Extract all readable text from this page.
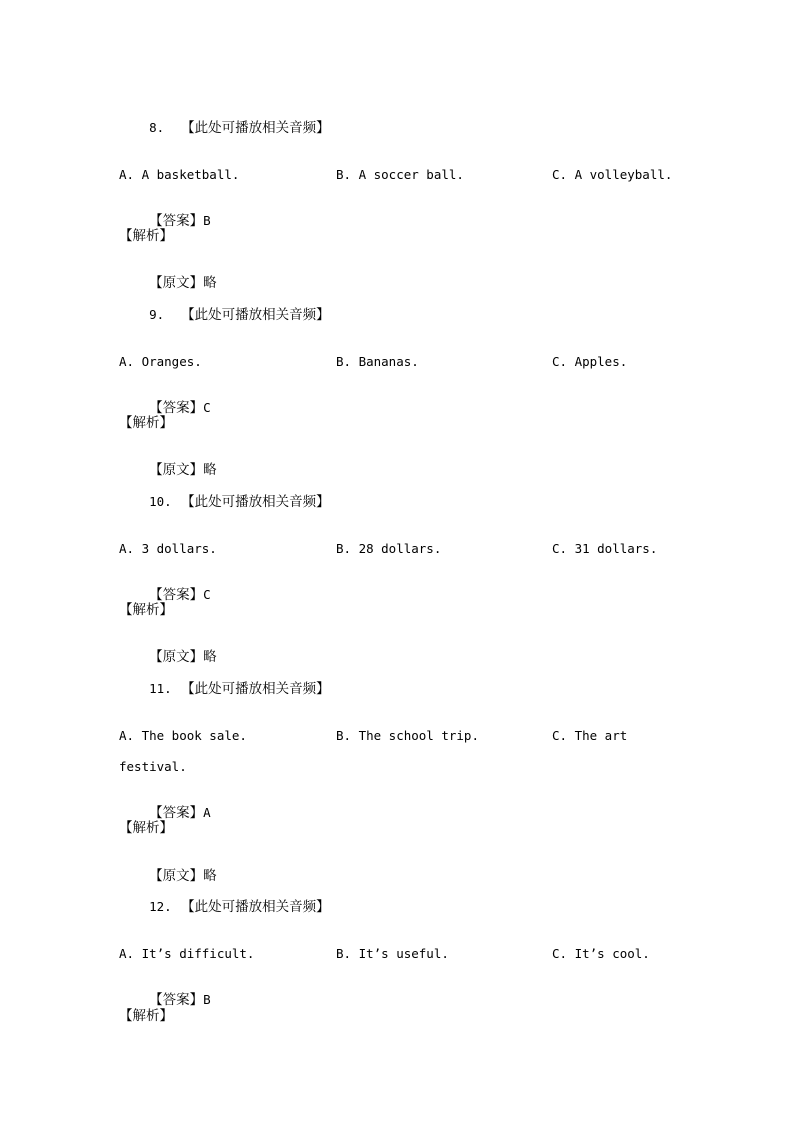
8. 【此处可播放相关音频】

A. A basketball.	B. A soccer ball.	C. A volleyball.

【答案】B

【解析】

【原文】略

9. 【此处可播放相关音频】

A. Oranges.	B. Bananas.	C. Apples.

【答案】C

【解析】

【原文】略

10. 【此处可播放相关音频】

A. 3 dollars.	B. 28 dollars.	C. 31 dollars.

【答案】C

【解析】

【原文】略

11. 【此处可播放相关音频】

A. The book sale.	B. The school trip.	C. The art
festival.

【答案】A

【解析】

【原文】略

12. 【此处可播放相关音频】

A. It’s difficult.	B. It’s useful.	C. It’s cool.

【答案】B

【解析】
